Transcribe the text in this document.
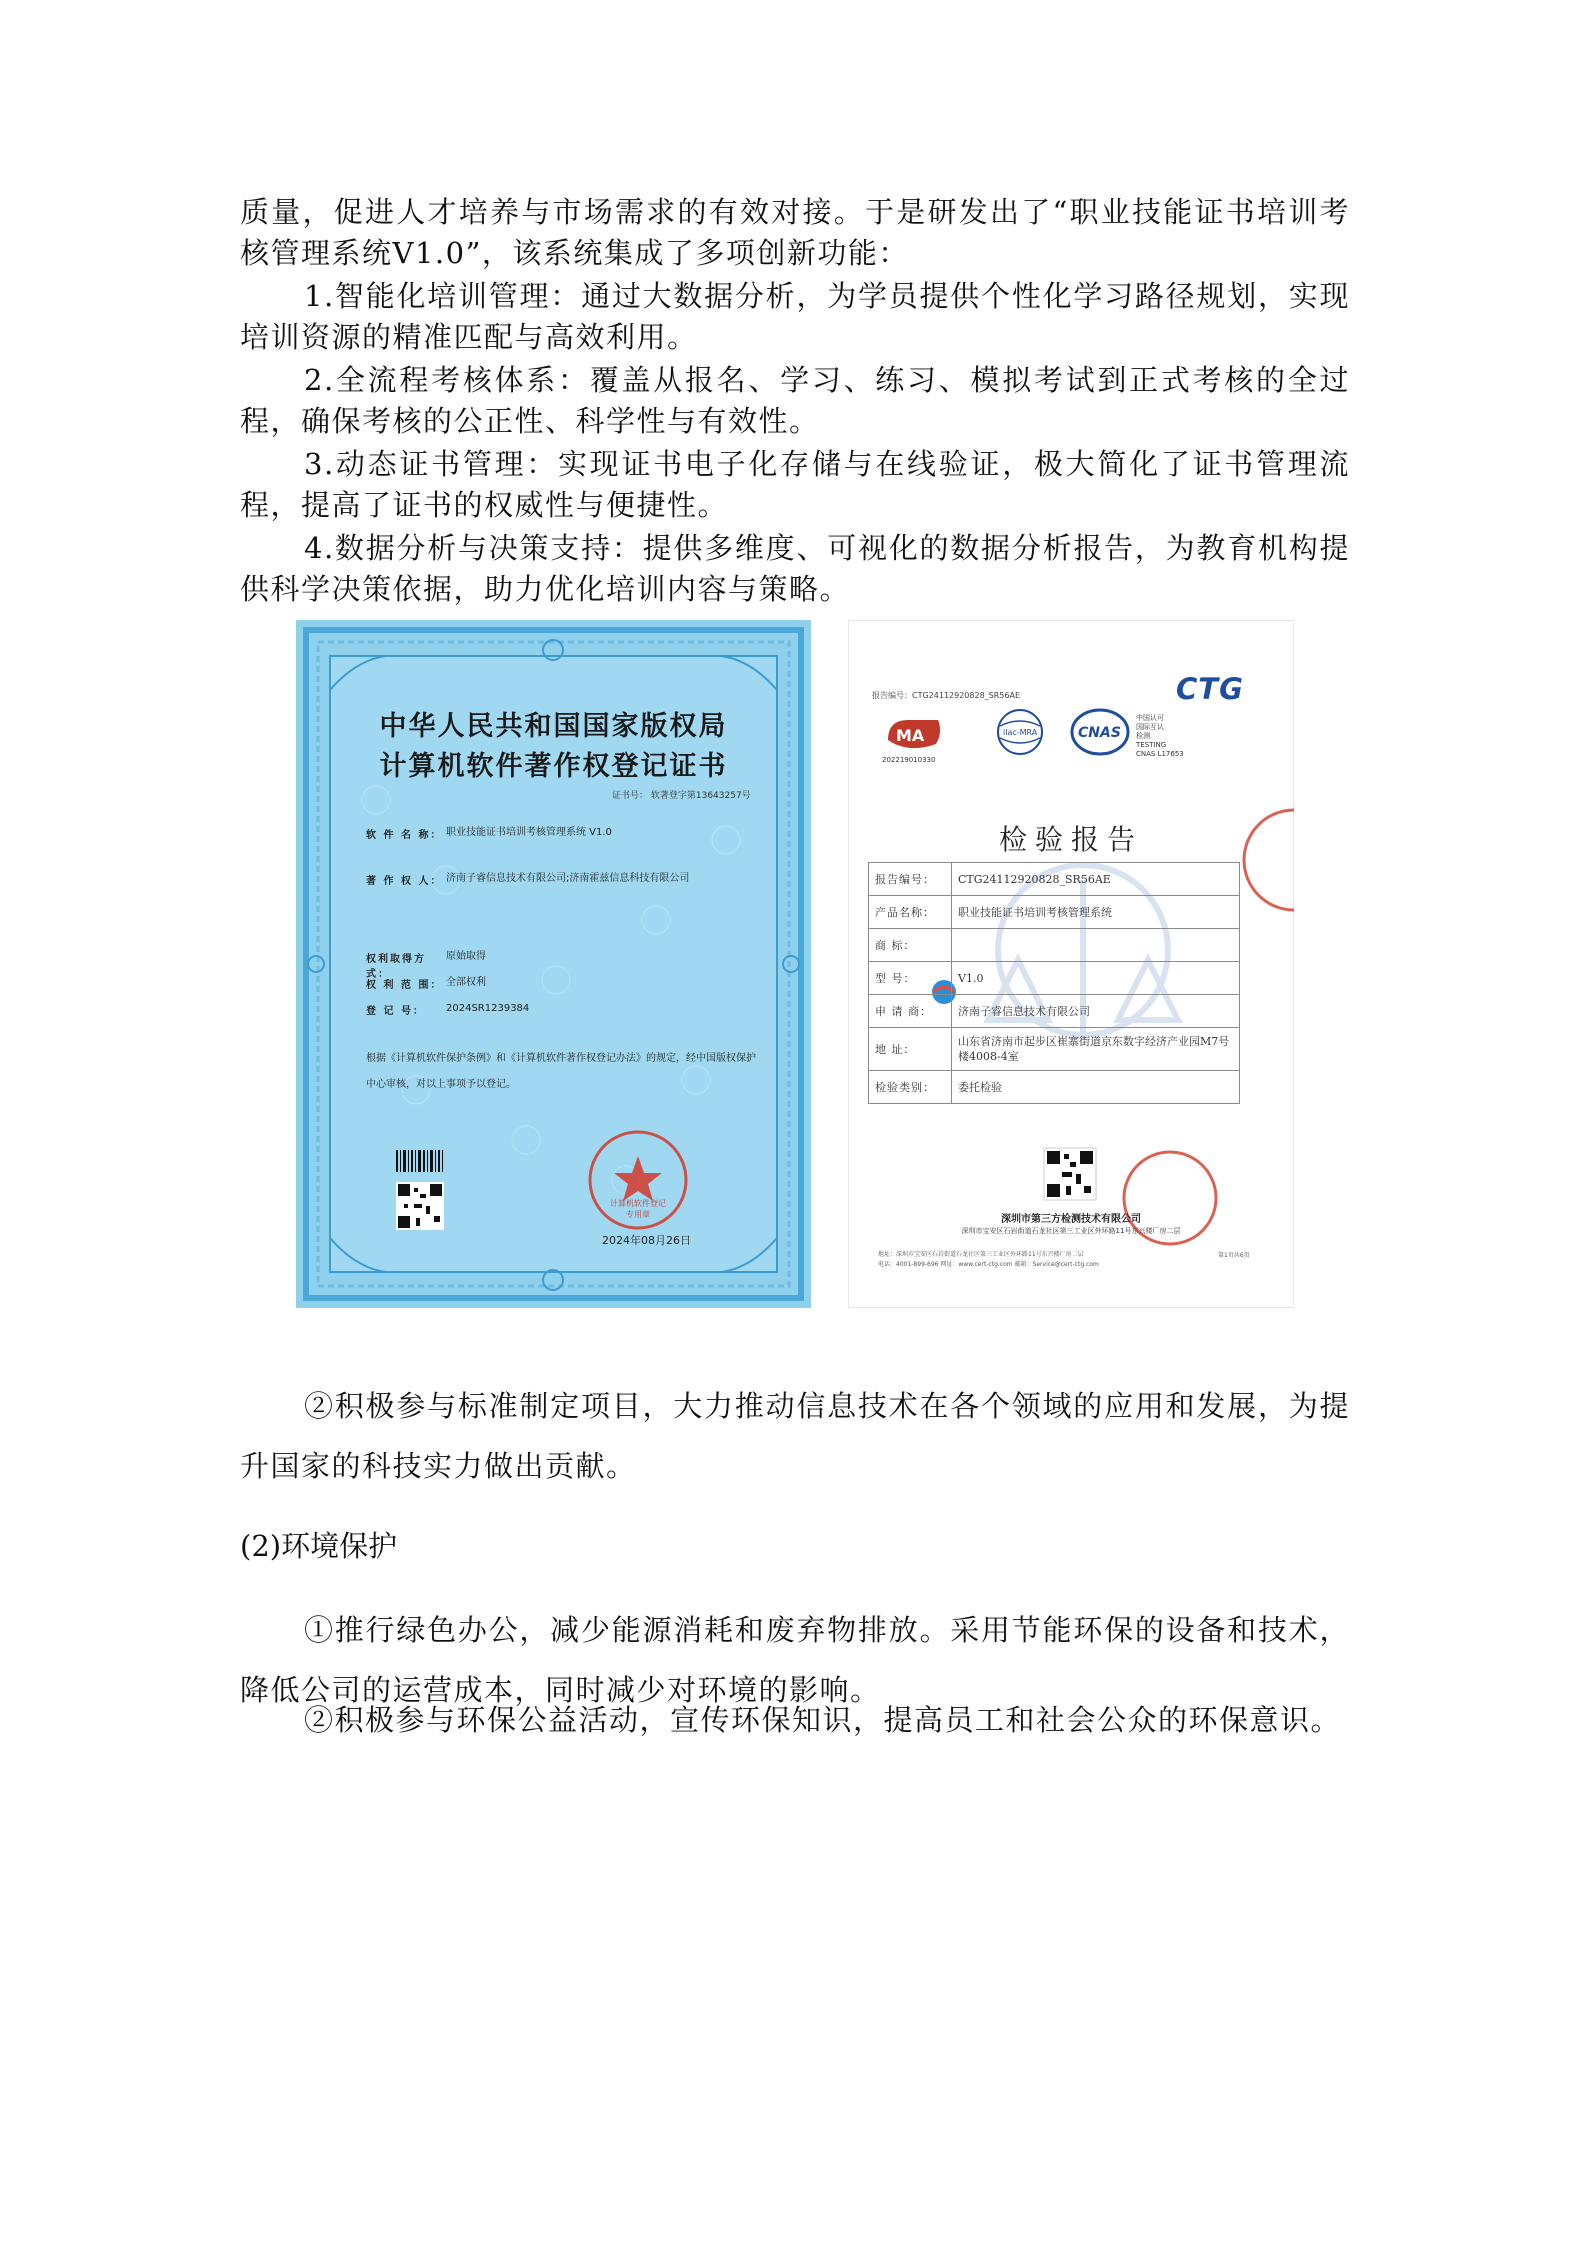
质量，促进人才培养与市场需求的有效对接。于是研发出了“职业技能证书培训考核管理系统V1.0”，该系统集成了多项创新功能：

1.智能化培训管理：通过大数据分析，为学员提供个性化学习路径规划，实现培训资源的精准匹配与高效利用。

2.全流程考核体系：覆盖从报名、学习、练习、模拟考试到正式考核的全过程，确保考核的公正性、科学性与有效性。

3.动态证书管理：实现证书电子化存储与在线验证，极大简化了证书管理流程，提高了证书的权威性与便捷性。

4.数据分析与决策支持：提供多维度、可视化的数据分析报告，为教育机构提供科学决策依据，助力优化培训内容与策略。

中华人民共和国国家版权局
计算机软件著作权登记证书
证书号： 软著登字第13643257号
软 件 名 称： 职业技能证书培训考核管理系统 V1.0
著 作 权 人： 济南子睿信息技术有限公司;济南霍兹信息科技有限公司
权利取得方式：原始取得
权 利 范 围： 全部权利
登 记 号： 2024SR1239384
根据《计算机软件保护条例》和《计算机软件著作权登记办法》的规定，经中国版权保护中心审核，对以上事项予以登记。
计算机软件登记专用章
2024年08月26日
报告编号：CTG24112920828_SR56AE	CTG
MA	ilac-MRA	CNAS
202219010330
中国认可
国际互认
检测
TESTING
CNAS L17653
检验报告
报告编号：	CTG24112920828_SR56AE
产品名称：	职业技能证书培训考核管理系统
商 标：	
型 号：	V1.0
申 请 商：	济南子睿信息技术有限公司
地 址：	山东省济南市起步区崔寨街道京东数字经济产业园M7号楼4008-4室
检验类别：	委托检验
深圳市第三方检测技术有限公司
深圳市宝安区石岩街道石龙社区第三工业区外环路11号东兴楼厂房二层
地址：深圳市宝安区石岩街道石龙社区第三工业区外环路11号东兴楼厂房二层
电话：4001-899-696 网址：www.cert-ctg.com 邮箱：Service@cert-ctg.com
第1页共6页

②积极参与标准制定项目，大力推动信息技术在各个领域的应用和发展，为提升国家的科技实力做出贡献。

(2)环境保护

①推行绿色办公，减少能源消耗和废弃物排放。采用节能环保的设备和技术，降低公司的运营成本，同时减少对环境的影响。

②积极参与环保公益活动，宣传环保知识，提高员工和社会公众的环保意识。
